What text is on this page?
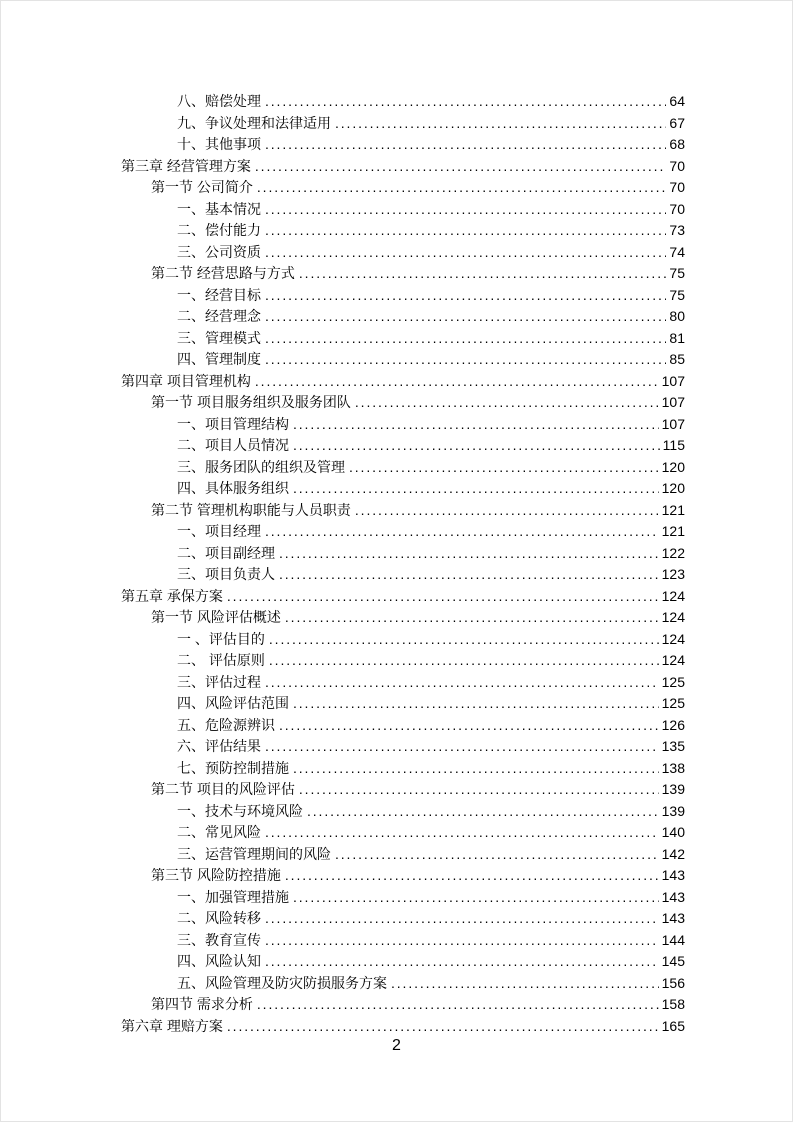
八、赔偿处理 . . .	64
九、争议处理和法律适用 . . .	67
十、其他事项 . . .	68
第三章 经营管理方案 . . .	70
第一节 公司简介 . . .	70
一、基本情况 . . .	70
二、偿付能力 . . .	73
三、公司资质 . . .	74
第二节 经营思路与方式 . . .	75
一、经营目标 . . .	75
二、经营理念 . . .	80
三、管理模式 . . .	81
四、管理制度 . . .	85
第四章 项目管理机构 . . .	107
第一节 项目服务组织及服务团队 . . .	107
一、项目管理结构 . . .	107
二、项目人员情况 . . .	115
三、服务团队的组织及管理 . . .	120
四、具体服务组织 . . .	120
第二节 管理机构职能与人员职责 . . .	121
一、项目经理 . . .	121
二、项目副经理 . . .	122
三、项目负责人 . . .	123
第五章 承保方案 . . .	124
第一节 风险评估概述 . . .	124
一 、评估目的 . . .	124
二、 评估原则 . . .	124
三、评估过程 . . .	125
四、风险评估范围 . . .	125
五、危险源辨识 . . .	126
六、评估结果 . . .	135
七、预防控制措施 . . .	138
第二节 项目的风险评估 . . .	139
一、技术与环境风险 . . .	139
二、常见风险 . . .	140
三、运营管理期间的风险 . . .	142
第三节 风险防控措施 . . .	143
一、加强管理措施 . . .	143
二、风险转移 . . .	143
三、教育宣传 . . .	144
四、风险认知 . . .	145
五、风险管理及防灾防损服务方案 . . .	156
第四节 需求分析 . . .	158
第六章 理赔方案 . . .	165
2
